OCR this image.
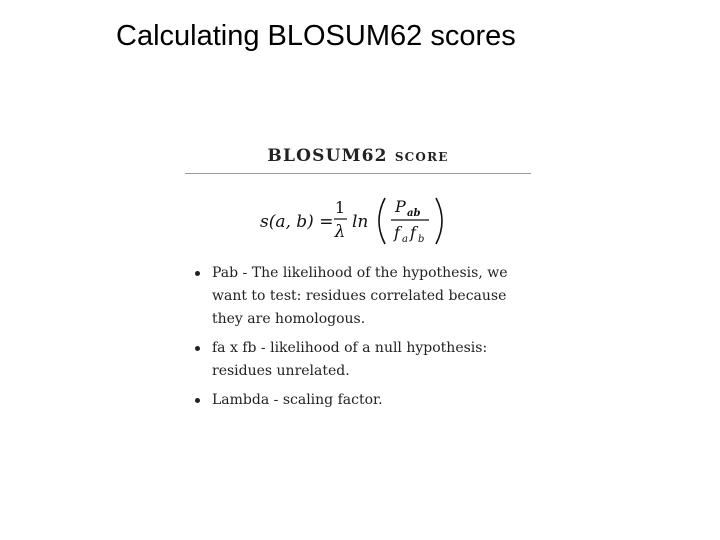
Calculating BLOSUM62 scores
BLOSUM62 score
s(a, b) =
1
λ ln
P ab
f a f b
Pab - The likelihood of the hypothesis, we want to test: residues correlated because they are homologous.
fa x fb - likelihood of a null hypothesis: residues unrelated.
Lambda - scaling factor.
